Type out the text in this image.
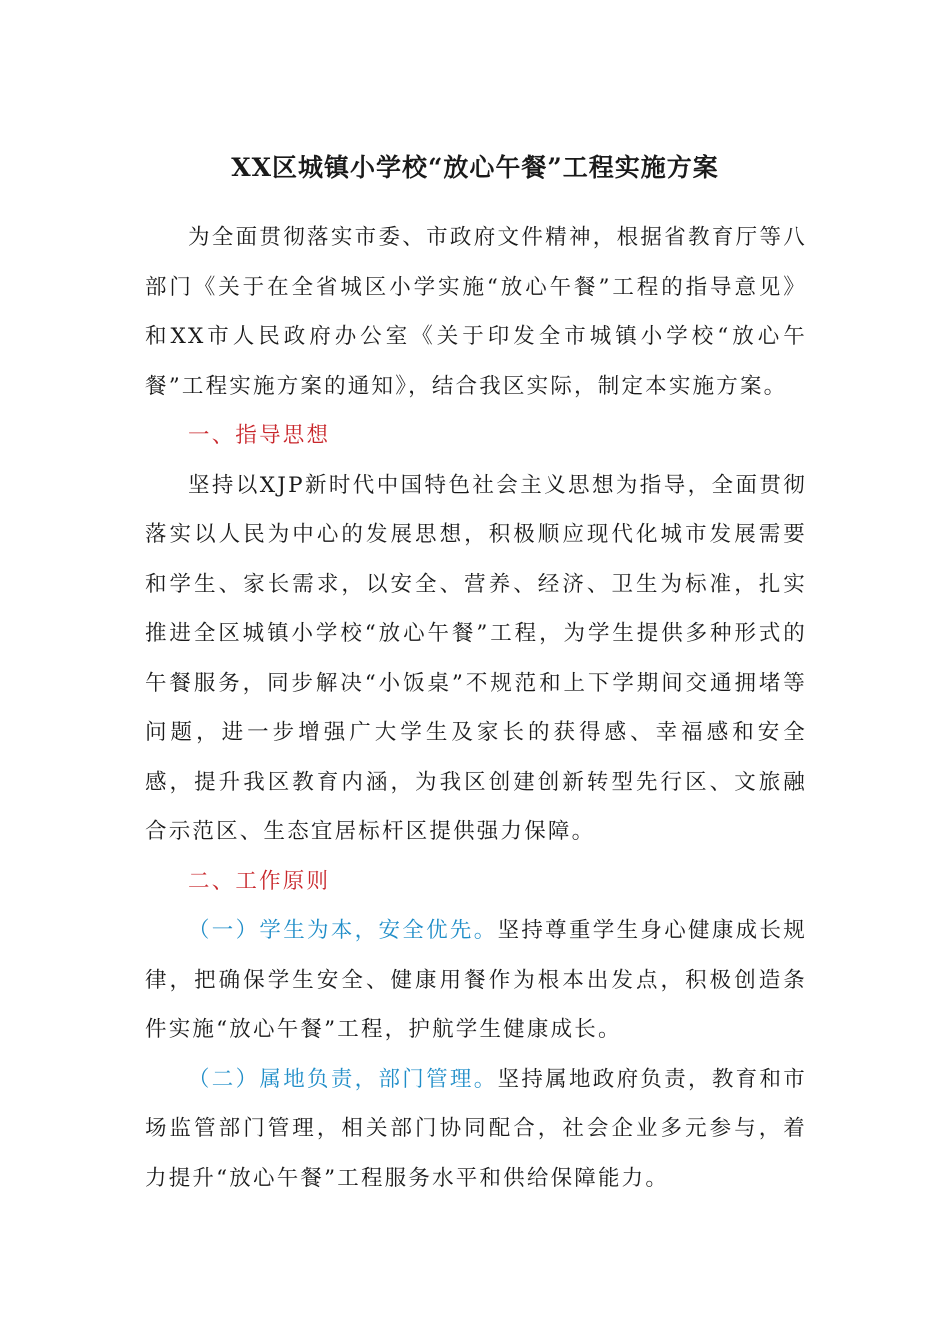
XX区城镇小学校“放心午餐”工程实施方案

为全面贯彻落实市委、市政府文件精神，根据省教育厅等八部门《关于在全省城区小学实施“放心午餐”工程的指导意见》和XX市人民政府办公室《关于印发全市城镇小学校“放心午餐”工程实施方案的通知》，结合我区实际，制定本实施方案。

一、指导思想

坚持以XJP新时代中国特色社会主义思想为指导，全面贯彻落实以人民为中心的发展思想，积极顺应现代化城市发展需要和学生、家长需求，以安全、营养、经济、卫生为标准，扎实推进全区城镇小学校“放心午餐”工程，为学生提供多种形式的午餐服务，同步解决“小饭桌”不规范和上下学期间交通拥堵等问题，进一步增强广大学生及家长的获得感、幸福感和安全感，提升我区教育内涵，为我区创建创新转型先行区、文旅融合示范区、生态宜居标杆区提供强力保障。

二、工作原则

（一）学生为本，安全优先。坚持尊重学生身心健康成长规律，把确保学生安全、健康用餐作为根本出发点，积极创造条件实施“放心午餐”工程，护航学生健康成长。

（二）属地负责，部门管理。坚持属地政府负责，教育和市场监管部门管理，相关部门协同配合，社会企业多元参与，着力提升“放心午餐”工程服务水平和供给保障能力。
